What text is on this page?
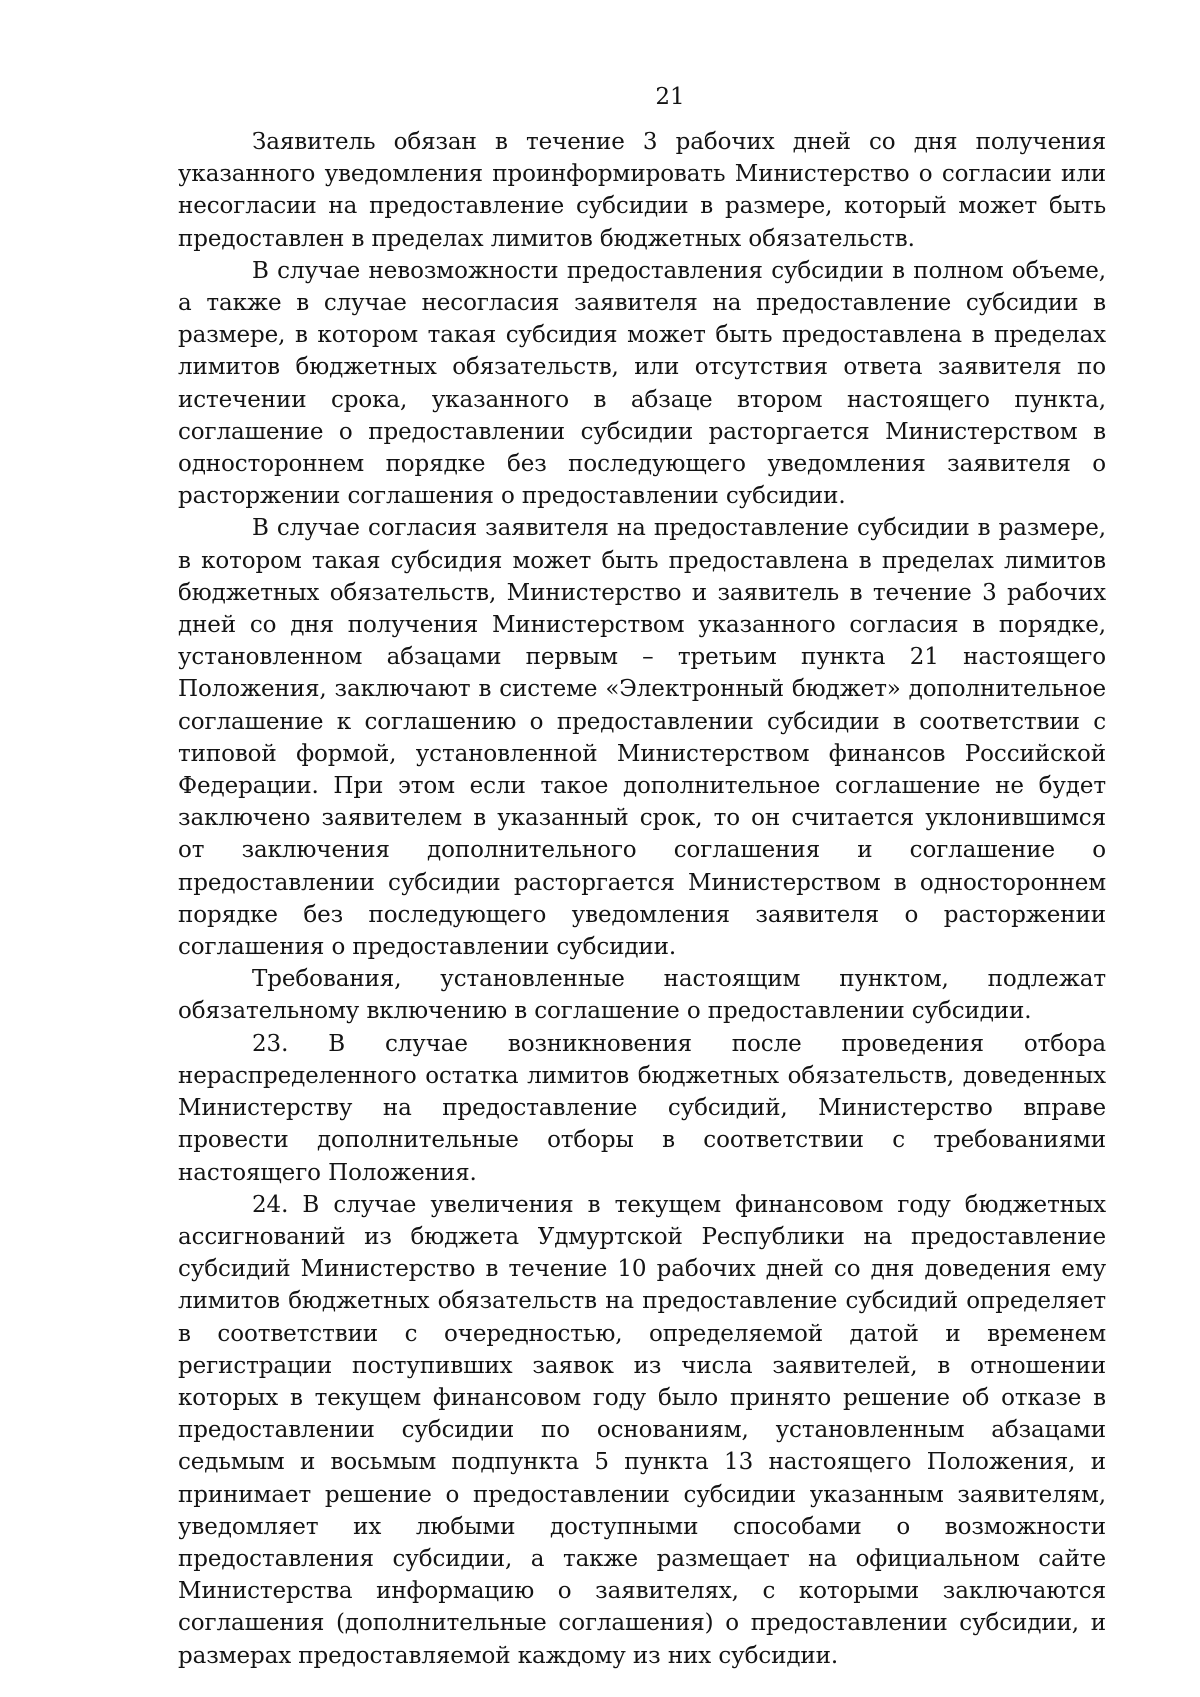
21

Заявитель обязан в течение 3 рабочих дней со дня получения указанного уведомления проинформировать Министерство о согласии или несогласии на предоставление субсидии в размере, который может быть предоставлен в пределах лимитов бюджетных обязательств.

В случае невозможности предоставления субсидии в полном объеме, а также в случае несогласия заявителя на предоставление субсидии в размере, в котором такая субсидия может быть предоставлена в пределах лимитов бюджетных обязательств, или отсутствия ответа заявителя по истечении срока, указанного в абзаце втором настоящего пункта, соглашение о предоставлении субсидии расторгается Министерством в одностороннем порядке без последующего уведомления заявителя о расторжении соглашения о предоставлении субсидии.

В случае согласия заявителя на предоставление субсидии в размере, в котором такая субсидия может быть предоставлена в пределах лимитов бюджетных обязательств, Министерство и заявитель в течение 3 рабочих дней со дня получения Министерством указанного согласия в порядке, установленном абзацами первым – третьим пункта 21 настоящего Положения, заключают в системе «Электронный бюджет» дополнительное соглашение к соглашению о предоставлении субсидии в соответствии с типовой формой, установленной Министерством финансов Российской Федерации. При этом если такое дополнительное соглашение не будет заключено заявителем в указанный срок, то он считается уклонившимся от заключения дополнительного соглашения и соглашение о предоставлении субсидии расторгается Министерством в одностороннем порядке без последующего уведомления заявителя о расторжении соглашения о предоставлении субсидии.

Требования, установленные настоящим пунктом, подлежат обязательному включению в соглашение о предоставлении субсидии.

23. В случае возникновения после проведения отбора нераспределенного остатка лимитов бюджетных обязательств, доведенных Министерству на предоставление субсидий, Министерство вправе провести дополнительные отборы в соответствии с требованиями настоящего Положения.

24. В случае увеличения в текущем финансовом году бюджетных ассигнований из бюджета Удмуртской Республики на предоставление субсидий Министерство в течение 10 рабочих дней со дня доведения ему лимитов бюджетных обязательств на предоставление субсидий определяет в соответствии с очередностью, определяемой датой и временем регистрации поступивших заявок из числа заявителей, в отношении которых в текущем финансовом году было принято решение об отказе в предоставлении субсидии по основаниям, установленным абзацами седьмым и восьмым подпункта 5 пункта 13 настоящего Положения, и принимает решение о предоставлении субсидии указанным заявителям, уведомляет их любыми доступными способами о возможности предоставления субсидии, а также размещает на официальном сайте Министерства информацию о заявителях, с которыми заключаются соглашения (дополнительные соглашения) о предоставлении субсидии, и размерах предоставляемой каждому из них субсидии.
